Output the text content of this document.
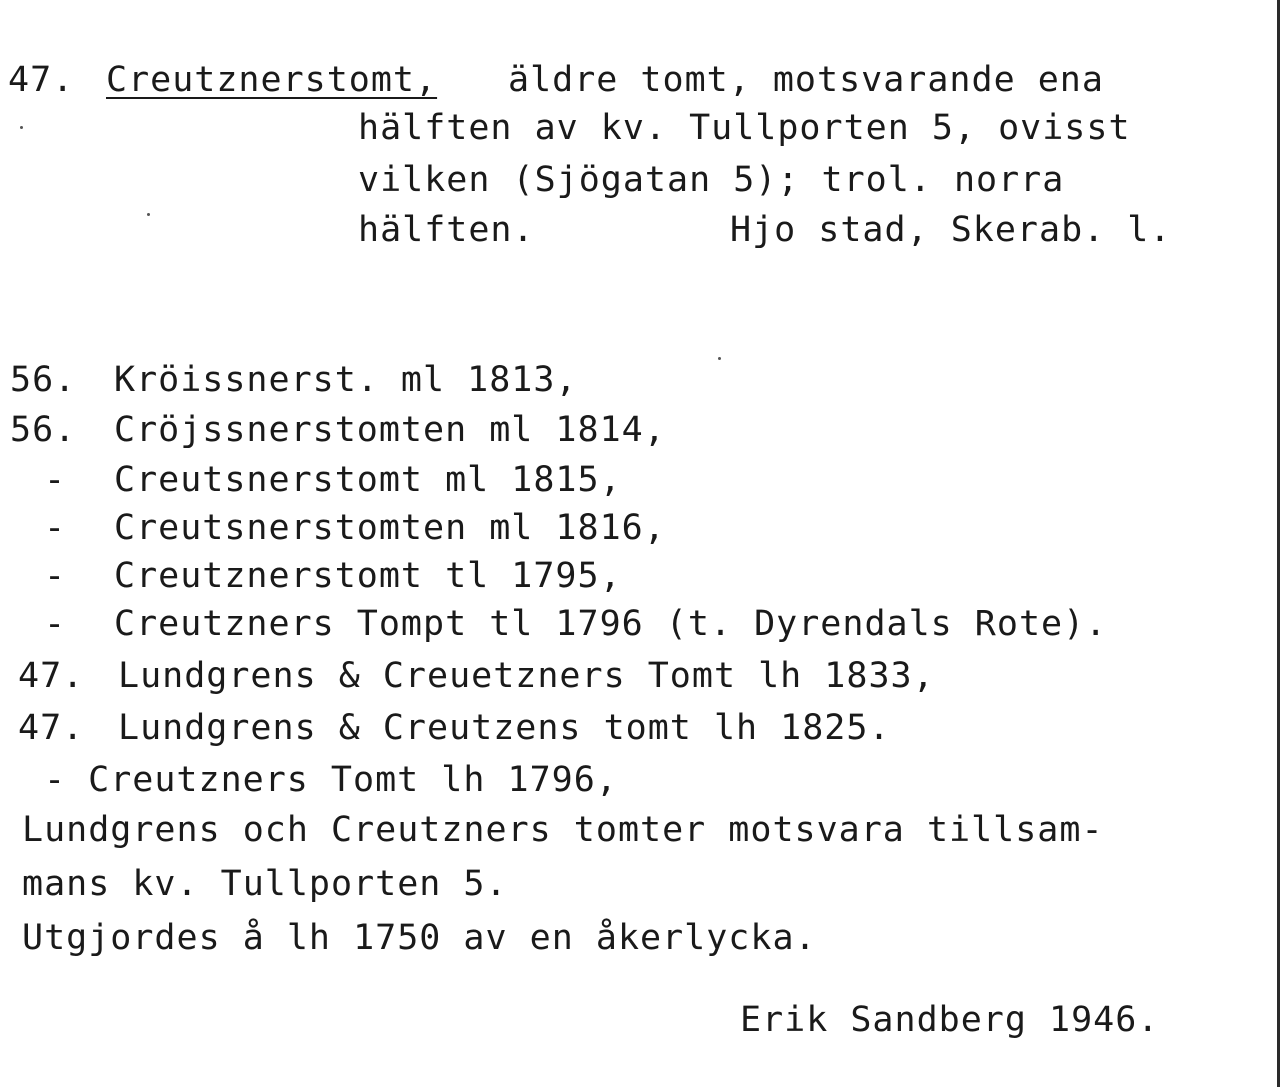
47. Creutznerstomt, äldre tomt, motsvarande ena
hälften av kv. Tullporten 5, ovisst
vilken (Sjögatan 5); trol. norra
hälften.	Hjo stad, Skerab. l.
56. Kröissnerst. ml 1813,
56. Cröjssnerstomten ml 1814,
- Creutsnerstomt ml 1815,
- Creutsnerstomten ml 1816,
- Creutznerstomt tl 1795,
- Creutzners Tompt tl 1796 (t. Dyrendals Rote).
47. Lundgrens & Creuetzners Tomt lh 1833,
47. Lundgrens & Creutzens tomt lh 1825.
- Creutzners Tomt lh 1796,
Lundgrens och Creutzners tomter motsvara tillsam-
mans kv. Tullporten 5.
Utgjordes å lh 1750 av en åkerlycka.
Erik Sandberg 1946.
